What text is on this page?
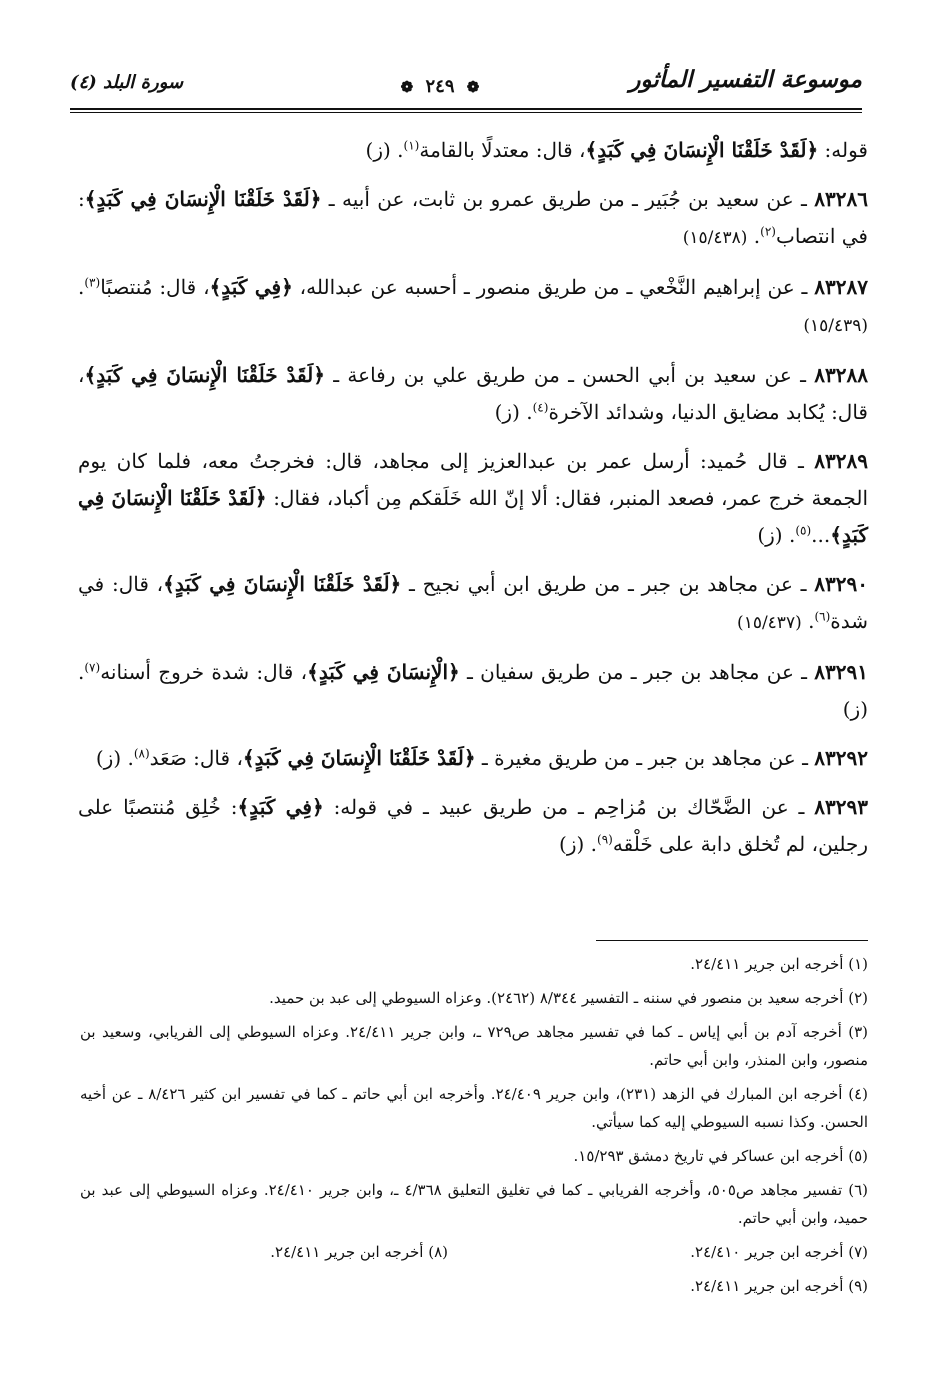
موسوعة التفسير المأثور
❁ ٢٤٩ ❁
سورة البلد (٤)

قوله: ﴿لَقَدْ خَلَقْنَا الْإِنسَانَ فِي كَبَدٍ﴾، قال: معتدلًا بالقامة$^{(١)}$. (ز)

٨٣٢٨٦ ـ عن سعيد بن جُبَير ـ من طريق عمرو بن ثابت، عن أبيه ـ ﴿لَقَدْ خَلَقْنَا الْإِنسَانَ فِي كَبَدٍ﴾: في انتصاب$^{(٢)}$. (١٥/٤٣٨)

٨٣٢٨٧ ـ عن إبراهيم النَّخْعي ـ من طريق منصور ـ أحسبه عن عبدالله، ﴿فِي كَبَدٍ﴾، قال: مُنتصبًا$^{(٣)}$. (١٥/٤٣٩)

٨٣٢٨٨ ـ عن سعيد بن أبي الحسن ـ من طريق علي بن رفاعة ـ ﴿لَقَدْ خَلَقْنَا الْإِنسَانَ فِي كَبَدٍ﴾، قال: يُكابد مضايق الدنيا، وشدائد الآخرة$^{(٤)}$. (ز)

٨٣٢٨٩ ـ قال حُميد: أرسل عمر بن عبدالعزيز إلى مجاهد، قال: فخرجتُ معه، فلما كان يوم الجمعة خرج عمر، فصعد المنبر، فقال: ألا إنّ الله خَلَقكم مِن أكباد، فقال: ﴿لَقَدْ خَلَقْنَا الْإِنسَانَ فِي كَبَدٍ﴾...$^{(٥)}$. (ز)

٨٣٢٩٠ ـ عن مجاهد بن جبر ـ من طريق ابن أبي نجيح ـ ﴿لَقَدْ خَلَقْنَا الْإِنسَانَ فِي كَبَدٍ﴾، قال: في شدة$^{(٦)}$. (١٥/٤٣٧)

٨٣٢٩١ ـ عن مجاهد بن جبر ـ من طريق سفيان ـ ﴿الْإِنسَانَ فِي كَبَدٍ﴾، قال: شدة خروج أسنانه$^{(٧)}$. (ز)

٨٣٢٩٢ ـ عن مجاهد بن جبر ـ من طريق مغيرة ـ ﴿لَقَدْ خَلَقْنَا الْإِنسَانَ فِي كَبَدٍ﴾، قال: صَعَد$^{(٨)}$. (ز)

٨٣٢٩٣ ـ عن الضَّحّاك بن مُزاحِم ـ من طريق عبيد ـ في قوله: ﴿فِي كَبَدٍ﴾: خُلِق مُنتصبًا على رجلين، لم تُخلق دابة على خَلْقه$^{(٩)}$. (ز)

(١) أخرجه ابن جرير ٢٤/٤١١.

(٢) أخرجه سعيد بن منصور في سننه ـ التفسير ٨/٣٤٤ (٢٤٦٢). وعزاه السيوطي إلى عبد بن حميد.

(٣) أخرجه آدم بن أبي إياس ـ كما في تفسير مجاهد ص٧٢٩ ـ، وابن جرير ٢٤/٤١١. وعزاه السيوطي إلى الفريابي، وسعيد بن منصور، وابن المنذر، وابن أبي حاتم.

(٤) أخرجه ابن المبارك في الزهد (٢٣١)، وابن جرير ٢٤/٤٠٩. وأخرجه ابن أبي حاتم ـ كما في تفسير ابن كثير ٨/٤٢٦ ـ عن أخيه الحسن. وكذا نسبه السيوطي إليه كما سيأتي.

(٥) أخرجه ابن عساكر في تاريخ دمشق ١٥/٢٩٣.

(٦) تفسير مجاهد ص٥٠٥، وأخرجه الفريابي ـ كما في تغليق التعليق ٤/٣٦٨ ـ، وابن جرير ٢٤/٤١٠. وعزاه السيوطي إلى عبد بن حميد، وابن أبي حاتم.

(٧) أخرجه ابن جرير ٢٤/٤١٠.
(٨) أخرجه ابن جرير ٢٤/٤١١.

(٩) أخرجه ابن جرير ٢٤/٤١١.
